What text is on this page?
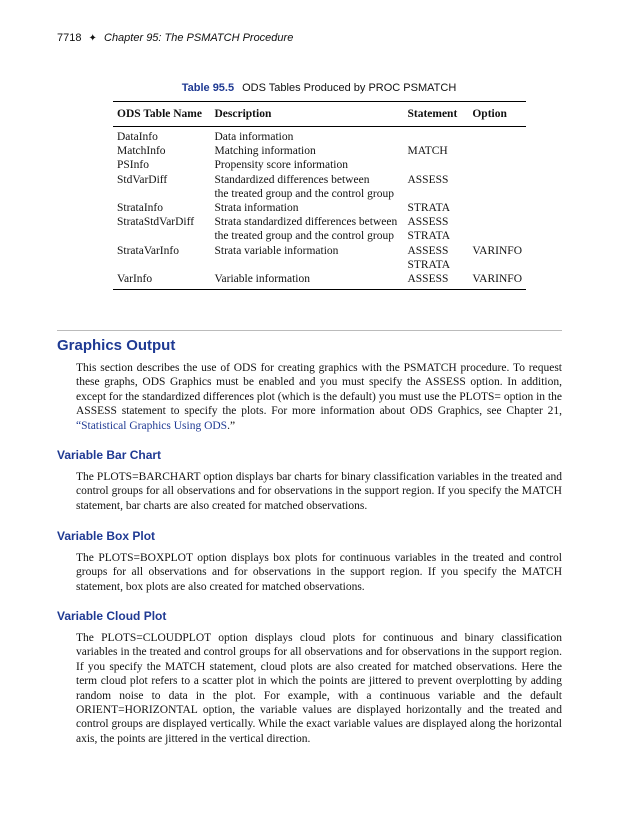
7718 ✦ Chapter 95: The PSMATCH Procedure
Table 95.5 ODS Tables Produced by PROC PSMATCH
ODS Table Name	Description	Statement	Option
DataInfo	Data information		
MatchInfo	Matching information	MATCH	
PSInfo	Propensity score information		
StdVarDiff	Standardized differences between	ASSESS	
	the treated group and the control group		
StrataInfo	Strata information	STRATA	
StrataStdVarDiff	Strata standardized differences between	ASSESS	
	the treated group and the control group	STRATA	
StrataVarInfo	Strata variable information	ASSESS	VARINFO
		STRATA	
VarInfo	Variable information	ASSESS	VARINFO
Graphics Output

This section describes the use of ODS for creating graphics with the PSMATCH procedure. To request these graphs, ODS Graphics must be enabled and you must specify the ASSESS option. In addition, except for the standardized differences plot (which is the default) you must use the PLOTS= option in the ASSESS statement to specify the plots. For more information about ODS Graphics, see Chapter 21, “Statistical Graphics Using ODS.”

Variable Bar Chart

The PLOTS=BARCHART option displays bar charts for binary classification variables in the treated and control groups for all observations and for observations in the support region. If you specify the MATCH statement, bar charts are also created for matched observations.

Variable Box Plot

The PLOTS=BOXPLOT option displays box plots for continuous variables in the treated and control groups for all observations and for observations in the support region. If you specify the MATCH statement, box plots are also created for matched observations.

Variable Cloud Plot

The PLOTS=CLOUDPLOT option displays cloud plots for continuous and binary classification variables in the treated and control groups for all observations and for observations in the support region. If you specify the MATCH statement, cloud plots are also created for matched observations. Here the term cloud plot refers to a scatter plot in which the points are jittered to prevent overplotting by adding random noise to data in the plot. For example, with a continuous variable and the default ORIENT=HORIZONTAL option, the variable values are displayed horizontally and the treated and control groups are displayed vertically. While the exact variable values are displayed along the horizontal axis, the points are jittered in the vertical direction.
